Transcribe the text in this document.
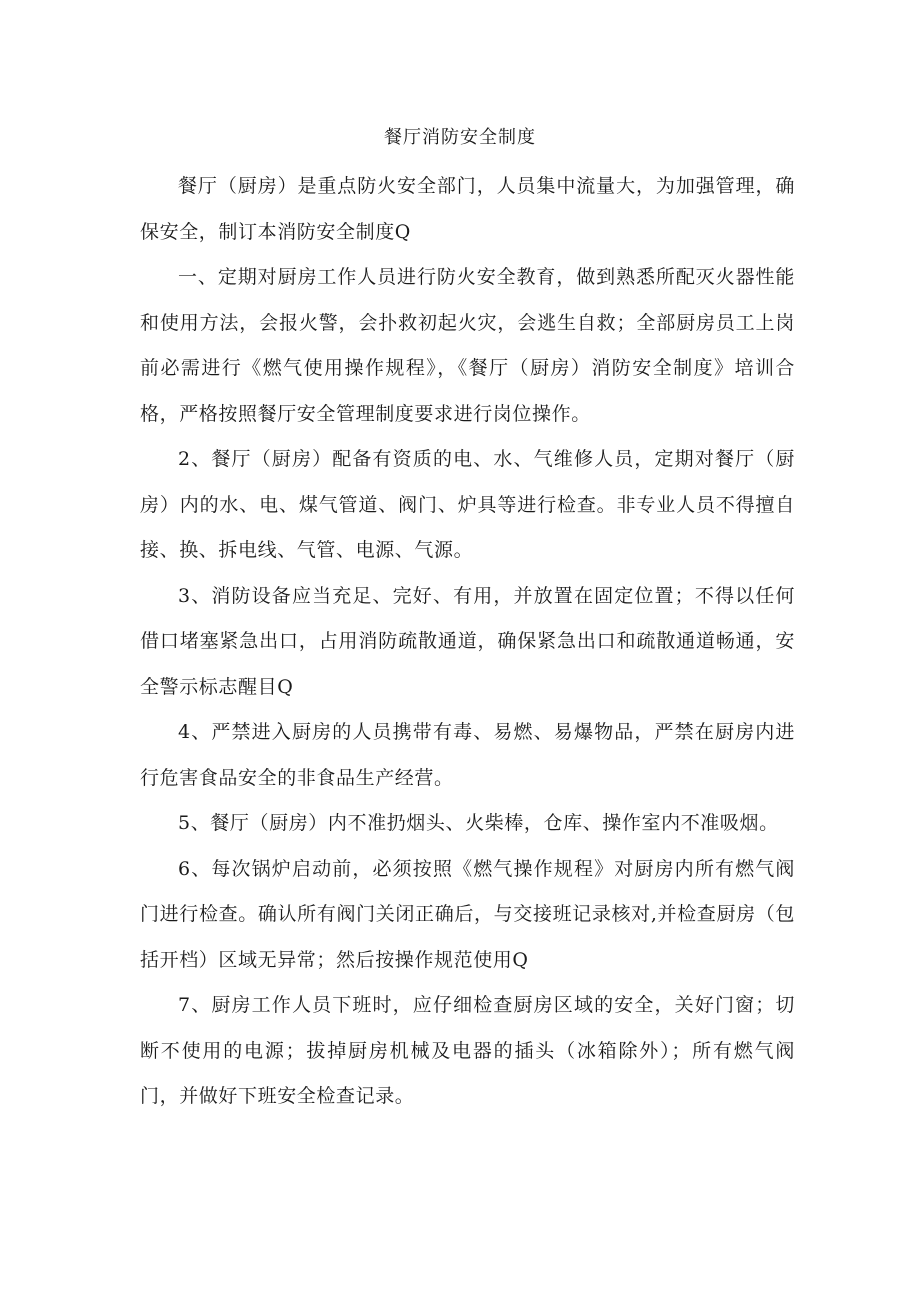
餐厅消防安全制度

餐厅（厨房）是重点防火安全部门，人员集中流量大，为加强管理，确保安全，制订本消防安全制度Q

一、定期对厨房工作人员进行防火安全教育，做到熟悉所配灭火器性能和使用方法，会报火警，会扑救初起火灾，会逃生自救；全部厨房员工上岗前必需进行《燃气使用操作规程》，《餐厅（厨房）消防安全制度》培训合格，严格按照餐厅安全管理制度要求进行岗位操作。

2、餐厅（厨房）配备有资质的电、水、气维修人员，定期对餐厅（厨房）内的水、电、煤气管道、阀门、炉具等进行检查。非专业人员不得擅自接、换、拆电线、气管、电源、气源。

3、消防设备应当充足、完好、有用，并放置在固定位置；不得以任何借口堵塞紧急出口，占用消防疏散通道，确保紧急出口和疏散通道畅通，安全警示标志醒目Q

4、严禁进入厨房的人员携带有毒、易燃、易爆物品，严禁在厨房内进行危害食品安全的非食品生产经营。

5、餐厅（厨房）内不准扔烟头、火柴棒，仓库、操作室内不准吸烟。

6、每次锅炉启动前，必须按照《燃气操作规程》对厨房内所有燃气阀门进行检查。确认所有阀门关闭正确后，与交接班记录核对,并检查厨房（包括开档）区域无异常；然后按操作规范使用Q

7、厨房工作人员下班时，应仔细检查厨房区域的安全，关好门窗；切断不使用的电源；拔掉厨房机械及电器的插头（冰箱除外）；所有燃气阀门，并做好下班安全检查记录。
